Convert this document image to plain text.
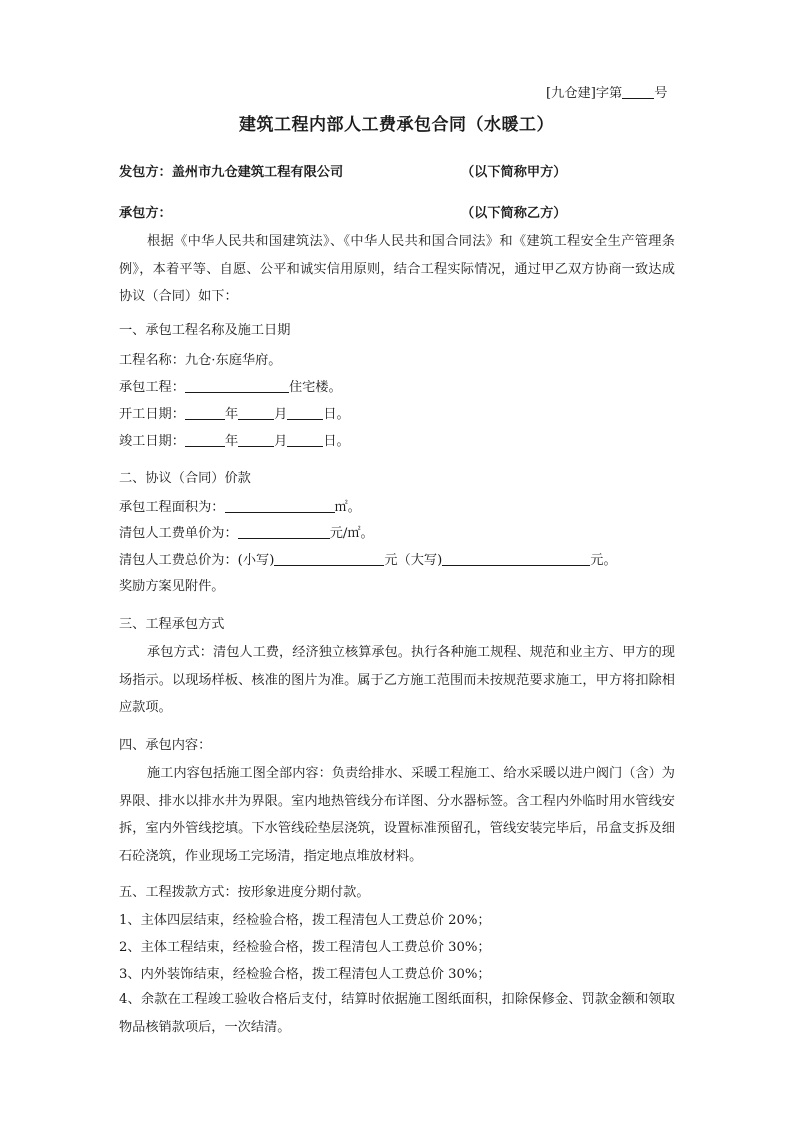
[九仓建]字第 号
建筑工程内部人工费承包合同（水暖工）
发包方：盖州市九仓建筑工程有限公司	（以下简称甲方）
承包方：	（以下简称乙方）
根据《中华人民共和国建筑法》、《中华人民共和国合同法》和《建筑工程安全生产管理条例》，本着平等、自愿、公平和诚实信用原则，结合工程实际情况，通过甲乙双方协商一致达成协议（合同）如下：
一、承包工程名称及施工日期
工程名称：九仓·东庭华府。
承包工程：	住宅楼。
开工日期：	年	月	日。
竣工日期：	年	月	日。
二、协议（合同）价款
承包工程面积为：	㎡。
清包人工费单价为：	元/㎡。
清包人工费总价为：(小写)	元（大写)	元。
奖励方案见附件。
三、工程承包方式
承包方式：清包人工费，经济独立核算承包。执行各种施工规程、规范和业主方、甲方的现场指示。以现场样板、核准的图片为准。属于乙方施工范围而未按规范要求施工，甲方将扣除相应款项。
四、承包内容：
施工内容包括施工图全部内容：负责给排水、采暖工程施工、给水采暖以进户阀门（含）为界限、排水以排水井为界限。室内地热管线分布详图、分水器标签。含工程内外临时用水管线安拆，室内外管线挖填。下水管线砼垫层浇筑，设置标准预留孔，管线安装完毕后，吊盒支拆及细石砼浇筑，作业现场工完场清，指定地点堆放材料。
五、工程拨款方式：按形象进度分期付款。
1、主体四层结束，经检验合格，拨工程清包人工费总价 20%；
2、主体工程结束，经检验合格，拨工程清包人工费总价 30%；
3、内外装饰结束，经检验合格，拨工程清包人工费总价 30%；
4、余款在工程竣工验收合格后支付，结算时依据施工图纸面积，扣除保修金、罚款金额和领取物品核销款项后，一次结清。
